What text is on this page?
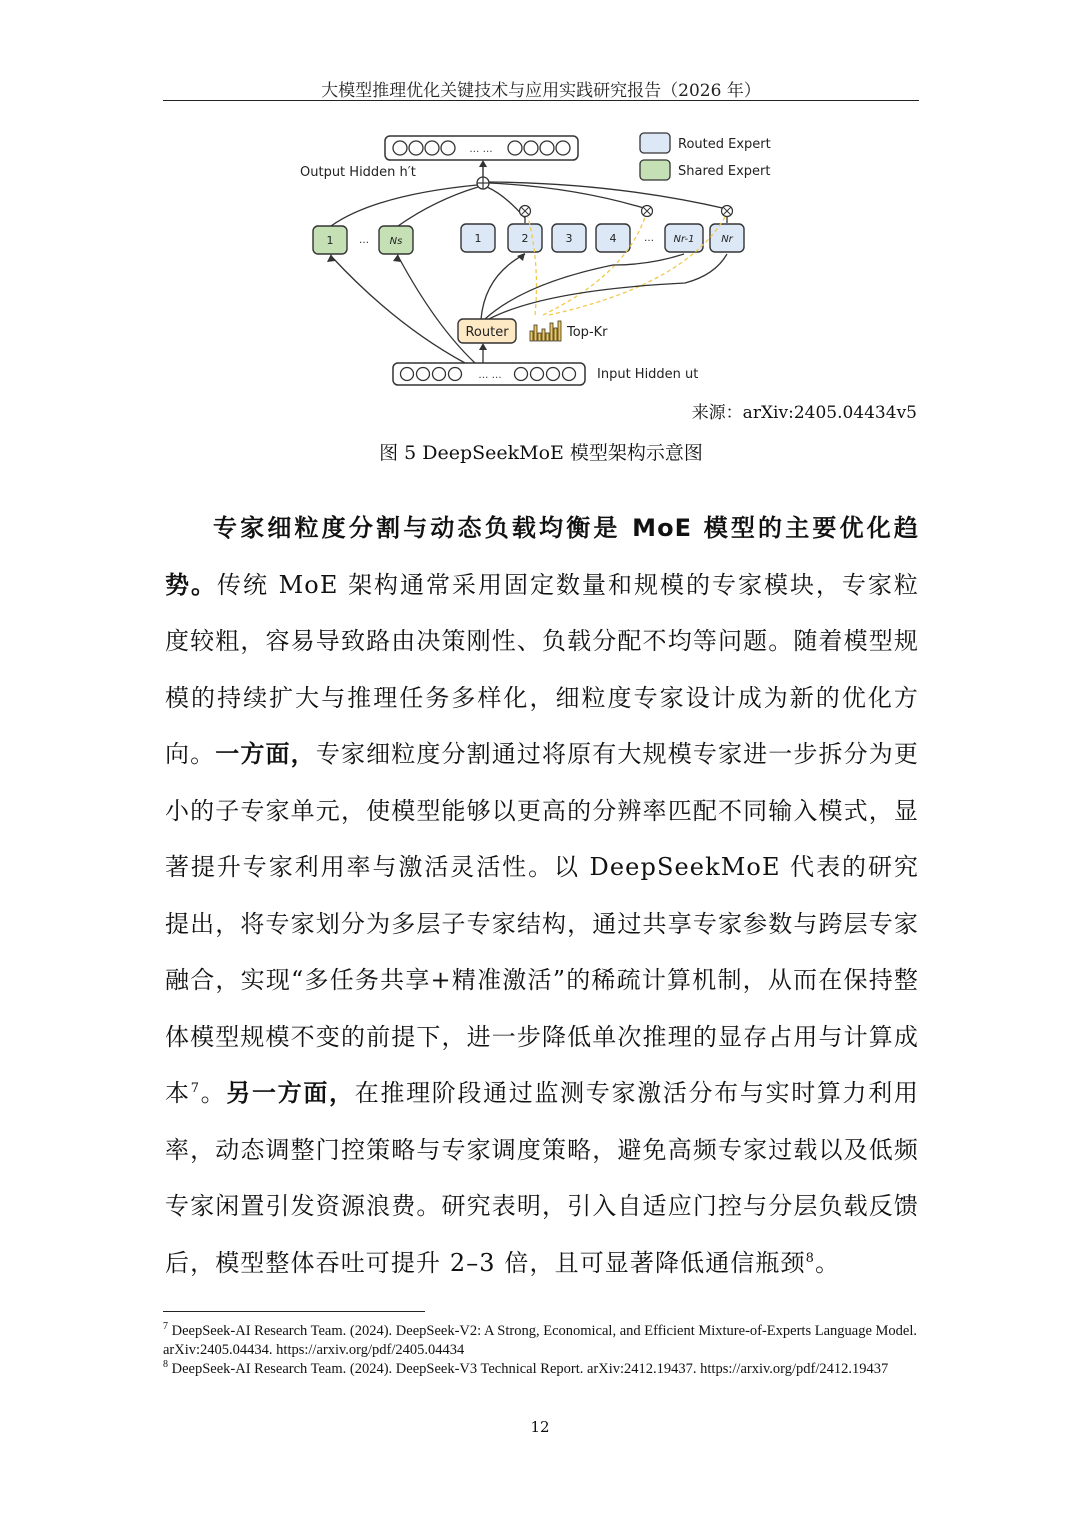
大模型推理优化关键技术与应用实践研究报告（2026 年）
… …
Output Hidden h′t
Routed Expert
Shared Expert
1	… Ns	1	2	3	4	… Nr-1	Nr
Router	Top-Kr
… …	Input Hidden ut
来源：arXiv:2405.04434v5
图 5 DeepSeekMoE 模型架构示意图

专家细粒度分割与动态负载均衡是 MoE 模型的主要优化趋势。传统 MoE 架构通常采用固定数量和规模的专家模块，专家粒度较粗，容易导致路由决策刚性、负载分配不均等问题。随着模型规模的持续扩大与推理任务多样化，细粒度专家设计成为新的优化方向。一方面，专家细粒度分割通过将原有大规模专家进一步拆分为更小的子专家单元，使模型能够以更高的分辨率匹配不同输入模式，显著提升专家利用率与激活灵活性。以 DeepSeekMoE 代表的研究提出，将专家划分为多层子专家结构，通过共享专家参数与跨层专家融合，实现“多任务共享+精准激活”的稀疏计算机制，从而在保持整体模型规模不变的前提下，进一步降低单次推理的显存占用与计算成本$^7$。另一方面，在推理阶段通过监测专家激活分布与实时算力利用率，动态调整门控策略与专家调度策略，避免高频专家过载以及低频专家闲置引发资源浪费。研究表明，引入自适应门控与分层负载反馈后，模型整体吞吐可提升 2–3 倍，且可显著降低通信瓶颈$^8$。

$^7$ DeepSeek-AI Research Team. (2024). DeepSeek-V2: A Strong, Economical, and Efficient Mixture-of-Experts Language Model. arXiv:2405.04434. https://arxiv.org/pdf/2405.04434

$^8$ DeepSeek-AI Research Team. (2024). DeepSeek-V3 Technical Report. arXiv:2412.19437. https://arxiv.org/pdf/2412.19437

12
